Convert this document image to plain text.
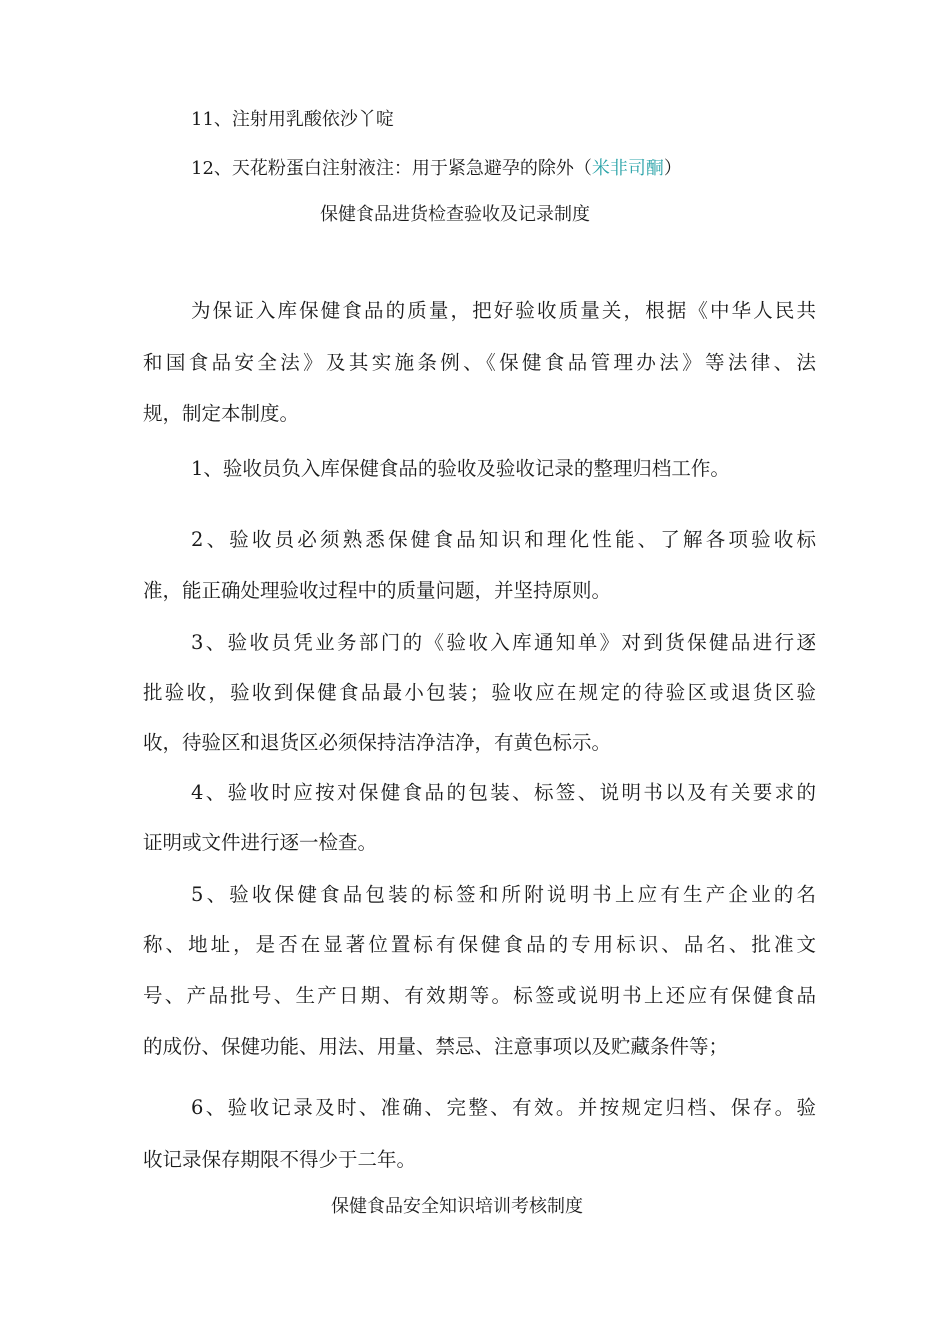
11、注射用乳酸依沙丫啶
12、天花粉蛋白注射液注：用于紧急避孕的除外（米非司酮）
保健食品进货检查验收及记录制度
为保证入库保健食品的质量，把好验收质量关，根据《中华人民共
和国食品安全法》及其实施条例、《保健食品管理办法》等法律、法
规，制定本制度。
1、验收员负入库保健食品的验收及验收记录的整理归档工作。
2、验收员必须熟悉保健食品知识和理化性能、了解各项验收标
准，能正确处理验收过程中的质量问题，并坚持原则。
3、验收员凭业务部门的《验收入库通知单》对到货保健品进行逐
批验收，验收到保健食品最小包装；验收应在规定的待验区或退货区验
收，待验区和退货区必须保持洁净洁净，有黄色标示。
4、验收时应按对保健食品的包装、标签、说明书以及有关要求的
证明或文件进行逐一检查。
5、验收保健食品包装的标签和所附说明书上应有生产企业的名
称、地址，是否在显著位置标有保健食品的专用标识、品名、批准文
号、产品批号、生产日期、有效期等。标签或说明书上还应有保健食品
的成份、保健功能、用法、用量、禁忌、注意事项以及贮藏条件等；
6、验收记录及时、准确、完整、有效。并按规定归档、保存。验
收记录保存期限不得少于二年。
保健食品安全知识培训考核制度
